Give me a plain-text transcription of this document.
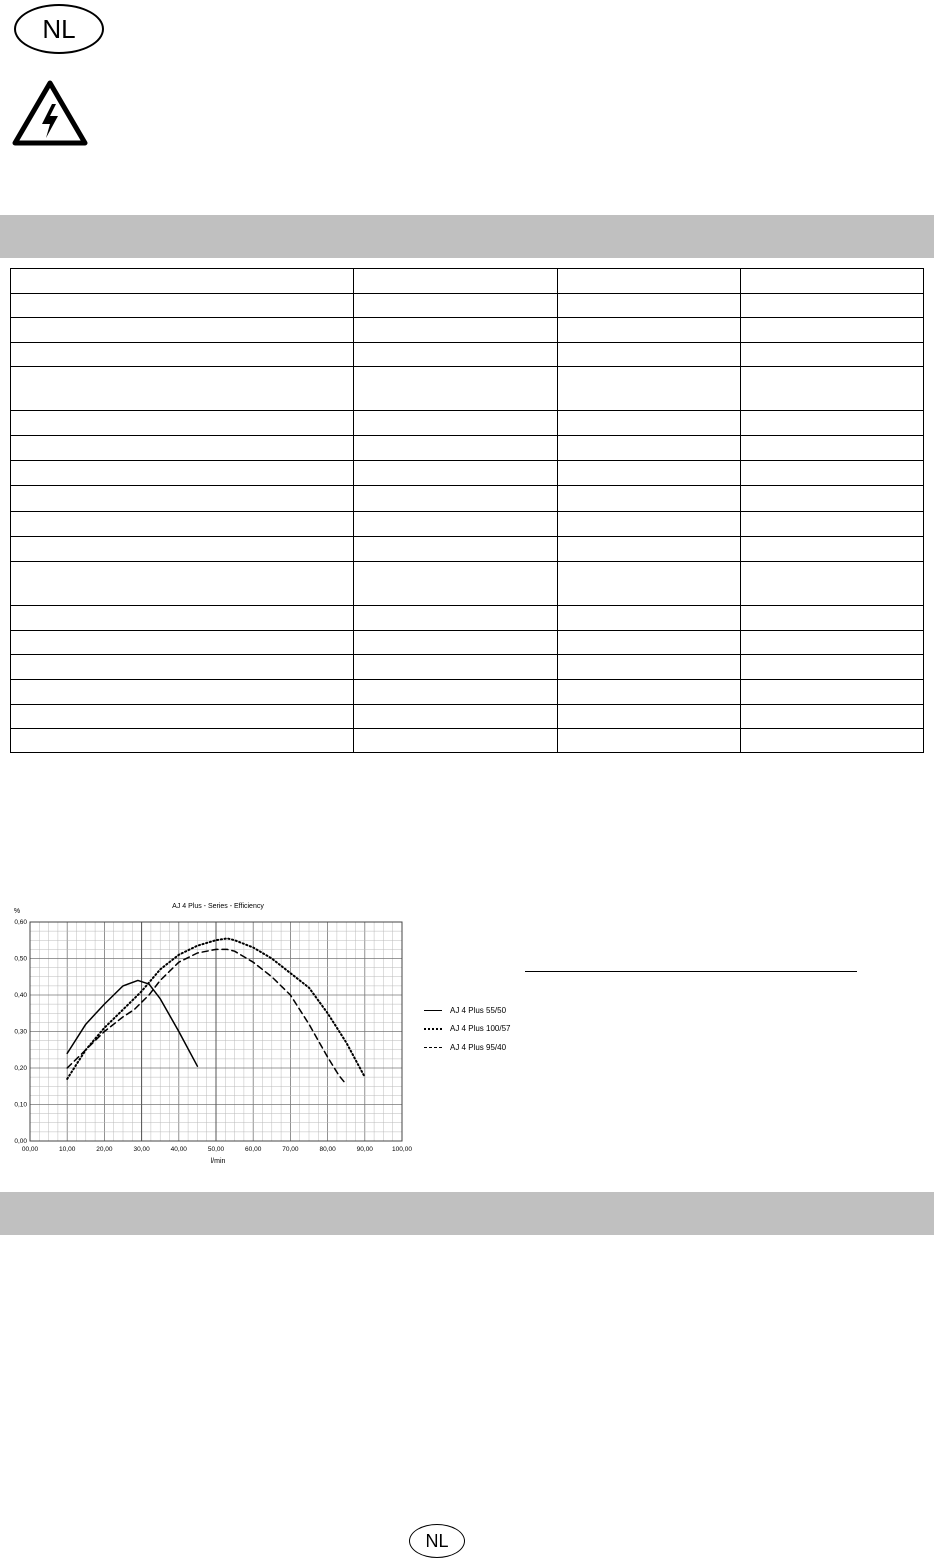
NL

00,00	10,00	20,00	30,00	40,00	50,00	60,00	70,00	80,00	90,00	100,00
0,00
0,10
0,20
0,30
0,40
0,50
0,60
AJ 4 Plus - Series - Efficiency
%
l/min
AJ 4 Plus 55/50
AJ 4 Plus 100/57
AJ 4 Plus 95/40
NL
